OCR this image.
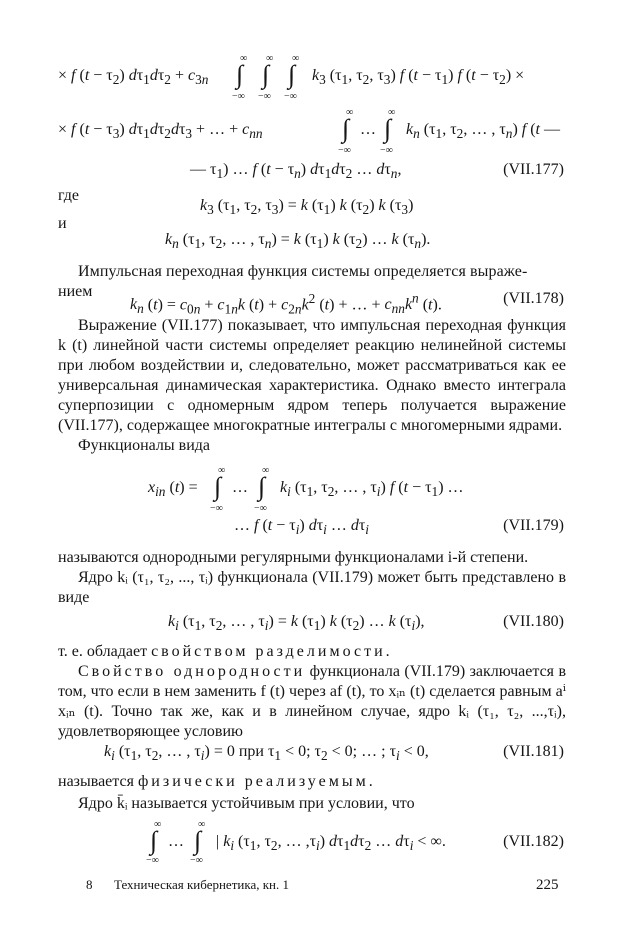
× f $(t - \tau_2)$ $d\tau_1d\tau_2 + c_{3n}$ ∫ ∫ ∫
∞ ∞ ∞
−∞ −∞ −∞
$k_3$ ($\tau_1$, $\tau_2$, $\tau_3$) f $(t - \tau_1)$ f $(t - \tau_2)$ ×
× f $(t - \tau_3)$ $d\tau_1d\tau_2d\tau_3$ + … + $c_{nn}$	∫ … ∫
∞	∞
−∞	−∞
$k_n$ ($\tau_1$, $\tau_2$, … , $\tau_n$) f (t —
— $\tau_1$) … f $(t - \tau_n)$ $d\tau_1d\tau_2$ … $d\tau_n$,	(VII.177)
где
$k_3$ ($\tau_1$, $\tau_2$, $\tau_3) = k$ $(\tau_1)$ k $(\tau_2)$ k $(\tau_3)$
и
$k_n$ ($\tau_1$, $\tau_2$, … , $\tau_n) = k$ $(\tau_1)$ k $(\tau_2)$ … k $(\tau_n)$.
Импульсная переходная функция системы определяется выраже-
нием
$k_n$ $(t) = c_{0n} + c_{1n}k$ $(t) + c_{2n}k^2$ (t) + … + $c_{nn}k^n$ (t).	(VII.178)
Выражение (VII.177) показывает, что импульсная переходная функция k (t) линейной части системы определяет реакцию нелинейной системы при любом воздействии и, следовательно, может рассматриваться как ее универсальная динамическая характеристика. Однако вместо интеграла суперпозиции с одномерным ядром теперь получается выражение (VII.177), содержащее многократные интегралы с многомерными ядрами.
Функционалы вида
$x_{in}$ (t) = ∫ … ∫
∞	∞
−∞	−∞
$k_i$ ($\tau_1$, $\tau_2$, … , $\tau_i$) f $(t - \tau_1)$ …
… f $(t - \tau_i)$ $d\tau_i$ … $d\tau_i$	(VII.179)
называются однородными регулярными функционалами i-й степени.
Ядро kᵢ (τ₁, τ₂, ..., τᵢ) функционала (VII.179) может быть представлено в виде
$k_i$ ($\tau_1$, $\tau_2$, … , $\tau_i) = k$ $(\tau_1)$ k $(\tau_2)$ … k $(\tau_i)$,	(VII.180)
т. е. обладает свойством разделимости.
Свойство однородности функционала (VII.179) заключается в том, что если в нем заменить f (t) через af (t), то xᵢₙ (t) сделается равным aⁱ xᵢₙ (t). Точно так же, как и в линейном случае, ядро kᵢ (τ₁, τ₂, ...,τᵢ), удовлетворяющее условию
$k_i$ ($\tau_1$, $\tau_2$, … , $\tau_i) = 0$ при $\tau_1 < 0$; $\tau_2 < 0$; … ; $\tau_i < 0$,	(VII.181)
называется физически реализуемым.
Ядро k̄ᵢ называется устойчивым при условии, что
∫ … ∫
∞	∞
−∞	−∞
| $k_i$ ($\tau_1$, $\tau_2$, … $,\tau_i$) $d\tau_1d\tau_2$ … $d\tau_i$ < ∞.	(VII.182)
8 Техническая кибернетика, кн. 1	225
